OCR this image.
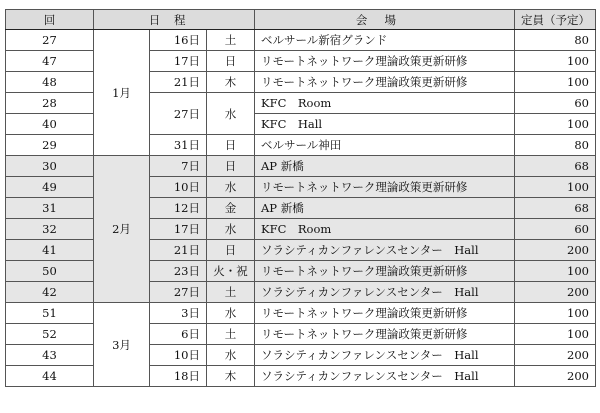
回	日程			会場	定員（予定）
27	1月	16日	土	ベルサール新宿グランド	80
47		17日	日	リモートネットワーク理論政策更新研修	100
48		21日	木	リモートネットワーク理論政策更新研修	100
28		27日	水	KFC　Room	60
40				KFC　Hall	100
29		31日	日	ベルサール神田	80
30	2月	7日	日	AP 新橋	68
49		10日	水	リモートネットワーク理論政策更新研修	100
31		12日	金	AP 新橋	68
32		17日	水	KFC　Room	60
41		21日	日	ソラシティカンファレンスセンター　Hall	200
50		23日	火・祝	リモートネットワーク理論政策更新研修	100
42		27日	土	ソラシティカンファレンスセンター　Hall	200
51	3月	3日	水	リモートネットワーク理論政策更新研修	100
52		6日	土	リモートネットワーク理論政策更新研修	100
43		10日	水	ソラシティカンファレンスセンター　Hall	200
44		18日	木	ソラシティカンファレンスセンター　Hall	200
